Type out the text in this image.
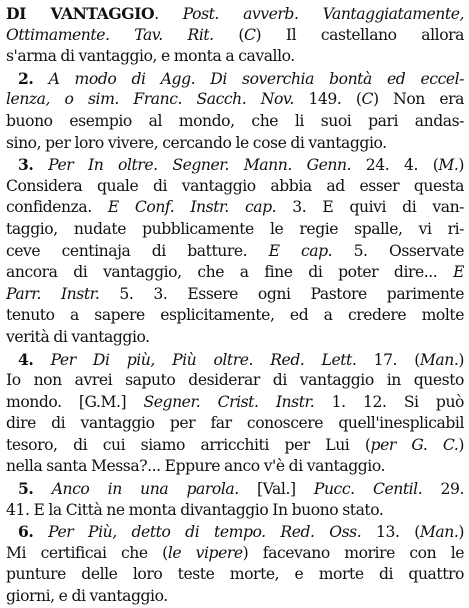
DI VANTAGGIO. Post. avverb. Vantaggiatamente,
Ottimamente. Tav. Rit. (C) Il castellano allora
s'arma di vantaggio, e monta a cavallo.
2. A modo di Agg. Di soverchia bontà ed eccel-
lenza, o sim. Franc. Sacch. Nov. 149. (C) Non era
buono esempio al mondo, che li suoi pari andas-
sino, per loro vivere, cercando le cose di vantaggio.
3. Per In oltre. Segner. Mann. Genn. 24. 4. (M.)
Considera quale di vantaggio abbia ad esser questa
confidenza. E Conf. Instr. cap. 3. E quivi di van-
taggio, nudate pubblicamente le regie spalle, vi ri-
ceve centinaja di batture. E cap. 5. Osservate
ancora di vantaggio, che a fine di poter dire... E
Parr. Instr. 5. 3. Essere ogni Pastore parimente
tenuto a sapere esplicitamente, ed a credere molte
verità di vantaggio.
4. Per Di più, Più oltre. Red. Lett. 17. (Man.)
Io non avrei saputo desiderar di vantaggio in questo
mondo. [G.M.] Segner. Crist. Instr. 1. 12. Si può
dire di vantaggio per far conoscere quell'inesplicabil
tesoro, di cui siamo arricchiti per Lui (per G. C.)
nella santa Messa?... Eppure anco v'è di vantaggio.
5. Anco in una parola. [Val.] Pucc. Centil. 29.
41. E la Città ne monta divantaggio In buono stato.
6. Per Più, detto di tempo. Red. Oss. 13. (Man.)
Mi certificai che (le vipere) facevano morire con le
punture delle loro teste morte, e morte di quattro
giorni, e di vantaggio.
